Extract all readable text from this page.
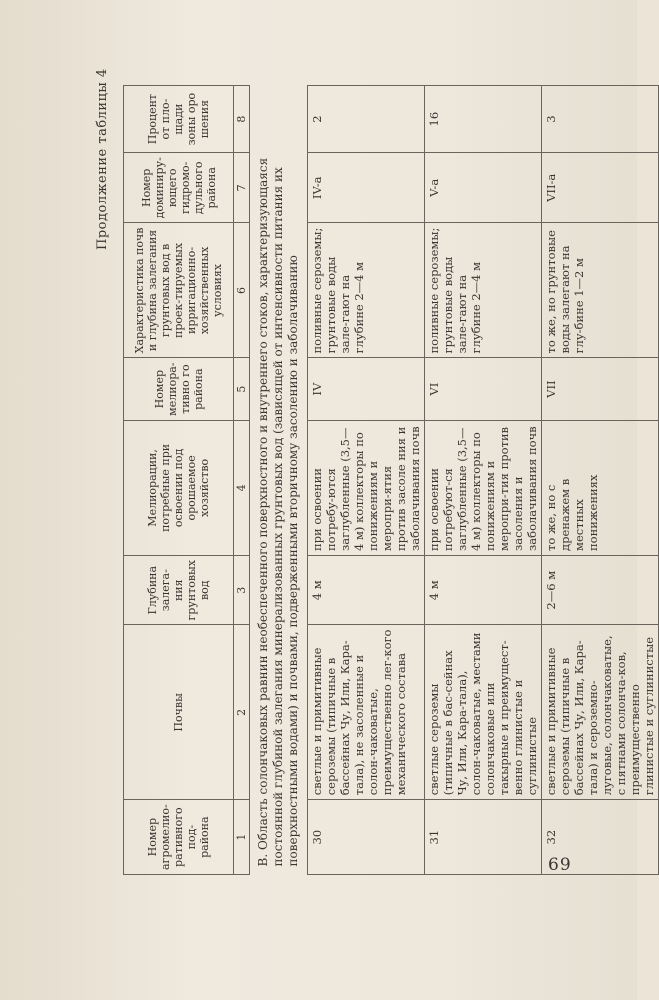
Продолжение таблицы 4
Номер агромелио-ративного под-района	Почвы	Глубина залега-ния грунтовых вод	Мелиорации, потребные при освоении под орошаемое хозяйство	Номер мелиора-тивно го района	Характеристика почв и глубина залегания грунтовых вод в проек-тируемых ирригационно-хозяйственных условиях	Номер доминиру-ющего гидромо-дульного района	Процент от пло-щади зоны оро шения
1	2	3	4	5	6	7	8
В. Область солончаковых равнин необеспеченного поверхностного и внутреннего стоков, характеризующаяся постоянной глубиной залегания минерализованных грунтовых вод (зависящей от интенсивности питания их поверхностными водами) и почвами, подверженными вторичному засолению и заболачиванию							
30	светлые и примитивные сероземы (типичные в бассейнах Чу, Или, Кара-тала), не засоленные и солон-чаковатые, преимущественно лег-кого механического состава	4 м	при освоении потребу-ются заглубленные (3,5—4 м) коллекторы по понижениям и меропри-ятия против засоле ния и заболачивания почв	IV	поливные сероземы; грунтовые воды зале-гают на глубине 2—4 м	IV-а	2
31	светлые сероземы (типичные в бас-сейнах Чу, Или, Кара-тала), солон-чаковатые, местами солончаковые или такырные и преимущест-венно глинистые и суглинистые	4 м	при освоении потребуют-ся заглубленные (3,5—4 м) коллекторы по понижениям и меропри-тия против засоления и заболачивания почв	VI	поливные сероземы; грунтовые воды зале-гают на глубине 2—4 м	V-а	16
32	светлые и примитивные сероземы (типичные в бассейнах Чу, Или, Кара-тала) и сероземно-луговые, солончаковатые, с пятнами солонча-ков, преимущественно глинистые и суглинистые	2—6 м	то же, но с дренажем в местных понижениях	VII	то же, но грунтовые воды залегают на глу-бине 1—2 м	VII-а	3
69
